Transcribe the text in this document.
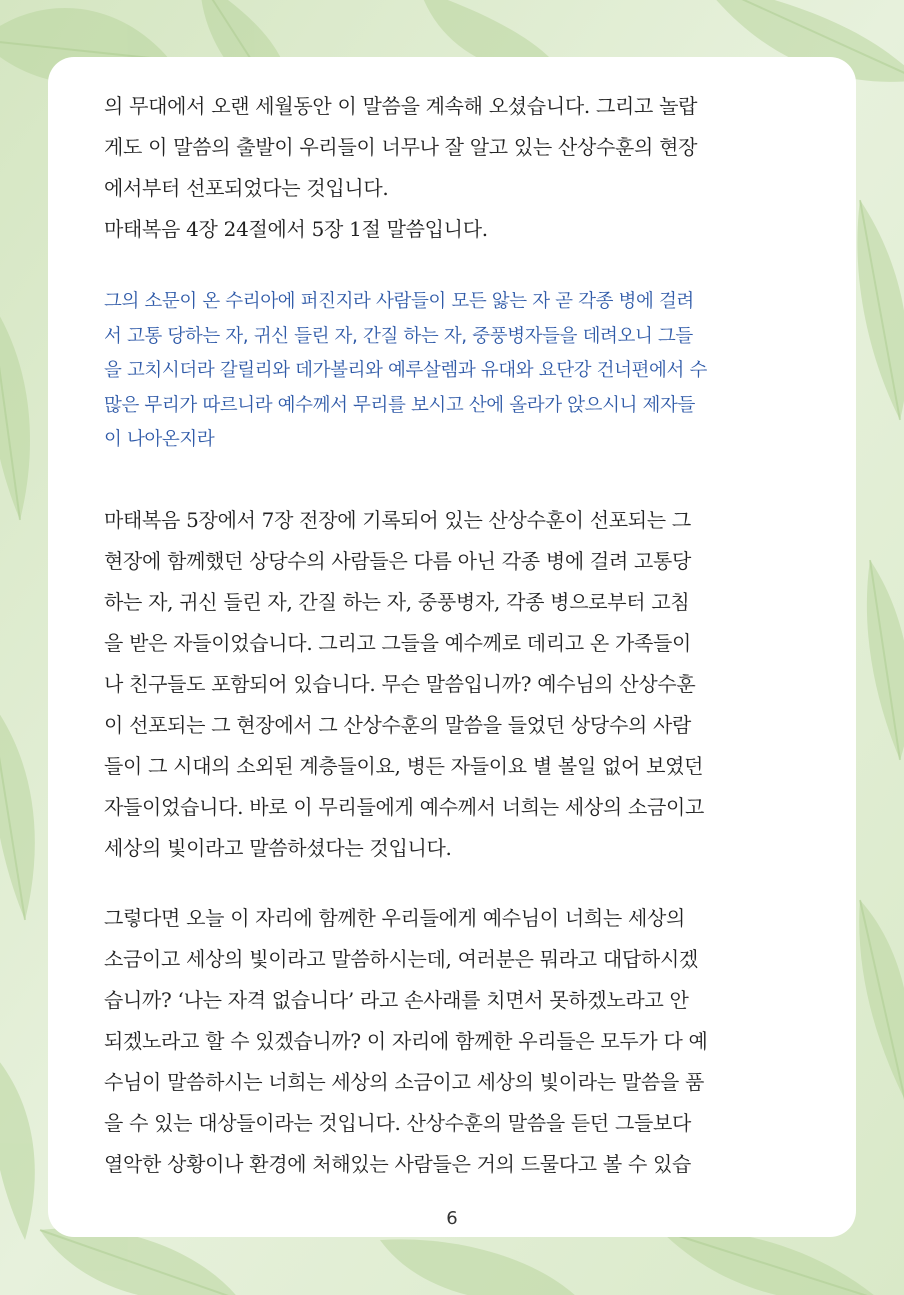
의 무대에서 오랜 세월동안 이 말씀을 계속해 오셨습니다. 그리고 놀랍
게도 이 말씀의 출발이 우리들이 너무나 잘 알고 있는 산상수훈의 현장
에서부터 선포되었다는 것입니다.
마태복음 4장 24절에서 5장 1절 말씀입니다.

그의 소문이 온 수리아에 퍼진지라 사람들이 모든 앓는 자 곧 각종 병에 걸려
서 고통 당하는 자, 귀신 들린 자, 간질 하는 자, 중풍병자들을 데려오니 그들
을 고치시더라 갈릴리와 데가볼리와 예루살렘과 유대와 요단강 건너편에서 수
많은 무리가 따르니라 예수께서 무리를 보시고 산에 올라가 앉으시니 제자들
이 나아온지라

마태복음 5장에서 7장 전장에 기록되어 있는 산상수훈이 선포되는 그
현장에 함께했던 상당수의 사람들은 다름 아닌 각종 병에 걸려 고통당
하는 자, 귀신 들린 자, 간질 하는 자, 중풍병자, 각종 병으로부터 고침
을 받은 자들이었습니다. 그리고 그들을 예수께로 데리고 온 가족들이
나 친구들도 포함되어 있습니다. 무슨 말씀입니까? 예수님의 산상수훈
이 선포되는 그 현장에서 그 산상수훈의 말씀을 들었던 상당수의 사람
들이 그 시대의 소외된 계층들이요, 병든 자들이요 별 볼일 없어 보였던
자들이었습니다. 바로 이 무리들에게 예수께서 너희는 세상의 소금이고
세상의 빛이라고 말씀하셨다는 것입니다.

그렇다면 오늘 이 자리에 함께한 우리들에게 예수님이 너희는 세상의
소금이고 세상의 빛이라고 말씀하시는데, 여러분은 뭐라고 대답하시겠
습니까? ‘나는 자격 없습니다’ 라고 손사래를 치면서 못하겠노라고 안
되겠노라고 할 수 있겠습니까? 이 자리에 함께한 우리들은 모두가 다 예
수님이 말씀하시는 너희는 세상의 소금이고 세상의 빛이라는 말씀을 품
을 수 있는 대상들이라는 것입니다. 산상수훈의 말씀을 듣던 그들보다
열악한 상황이나 환경에 처해있는 사람들은 거의 드물다고 볼 수 있습

6
